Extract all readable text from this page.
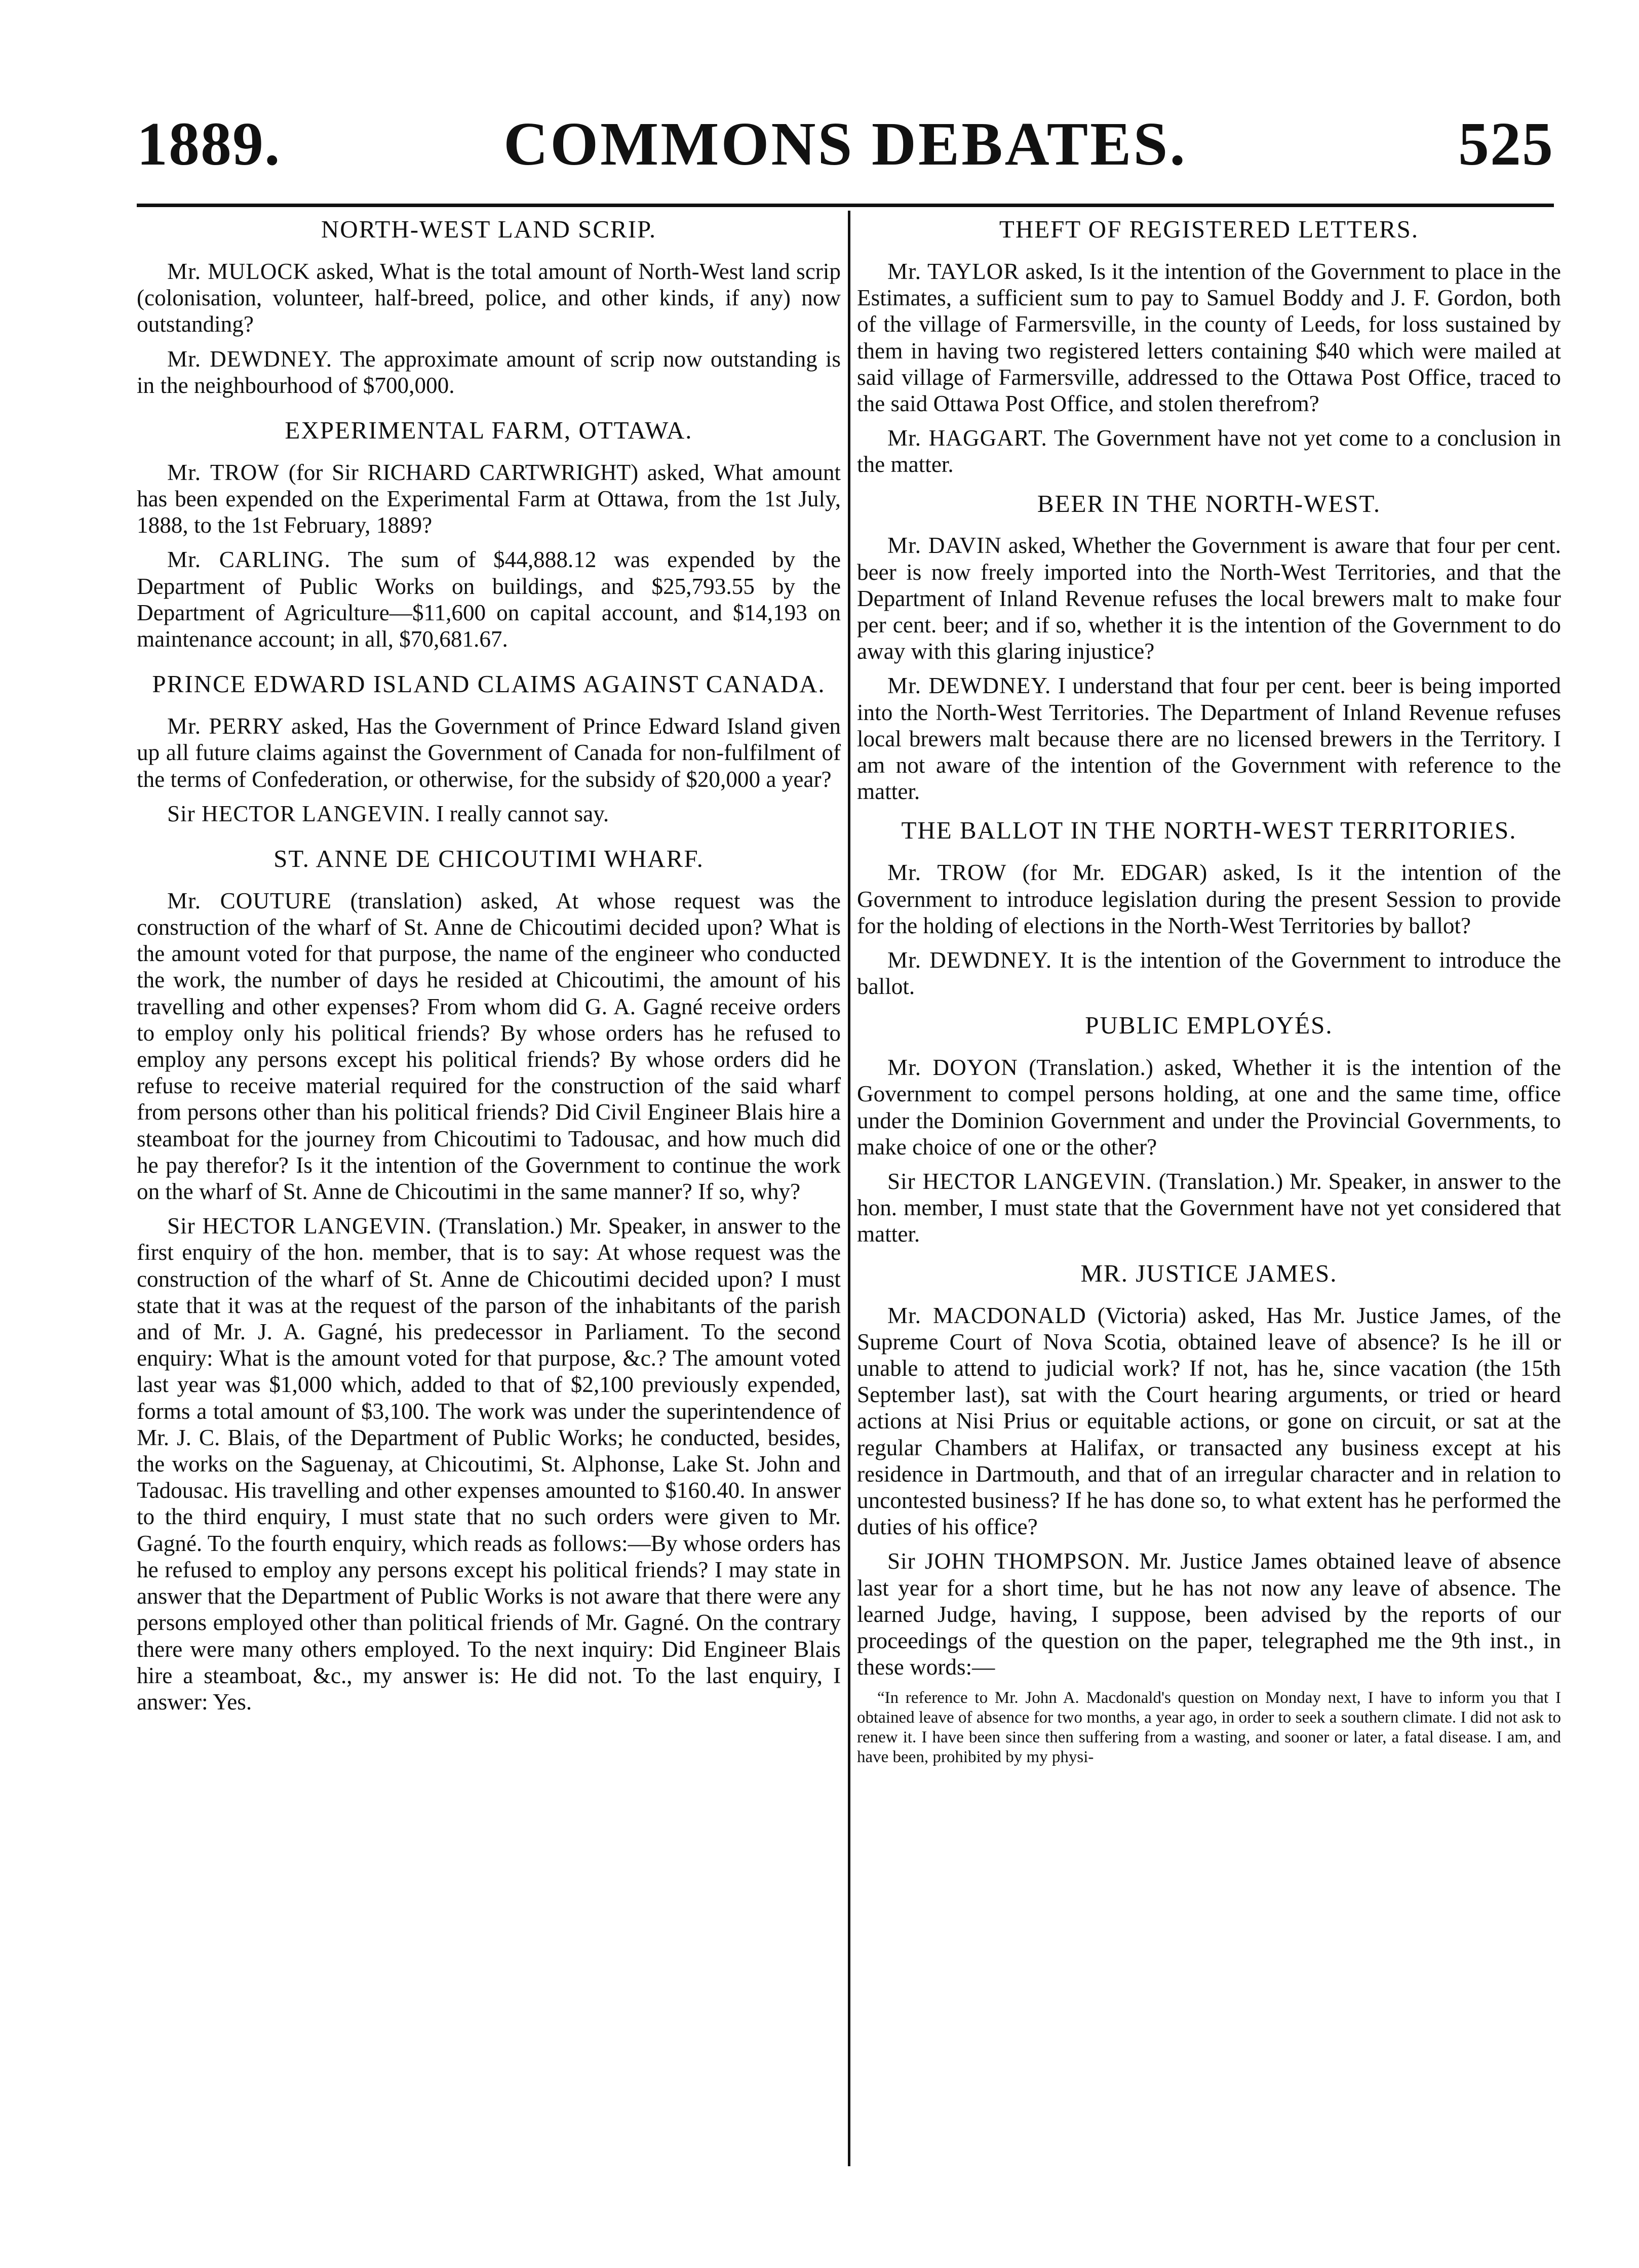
1889.	COMMONS DEBATES.	525
NORTH-WEST LAND SCRIP.

Mr. MULOCK asked, What is the total amount of North-West land scrip (colonisation, volunteer, half-breed, police, and other kinds, if any) now outstanding?

Mr. DEWDNEY. The approximate amount of scrip now outstanding is in the neighbourhood of $700,000.

EXPERIMENTAL FARM, OTTAWA.

Mr. TROW (for Sir RICHARD CARTWRIGHT) asked, What amount has been expended on the Experimental Farm at Ottawa, from the 1st July, 1888, to the 1st February, 1889?

Mr. CARLING. The sum of $44,888.12 was expended by the Department of Public Works on buildings, and $25,793.55 by the Department of Agriculture—$11,600 on capital account, and $14,193 on maintenance account; in all, $70,681.67.

PRINCE EDWARD ISLAND CLAIMS AGAINST CANADA.

Mr. PERRY asked, Has the Government of Prince Edward Island given up all future claims against the Government of Canada for non-fulfilment of the terms of Confederation, or otherwise, for the subsidy of $20,000 a year?

Sir HECTOR LANGEVIN. I really cannot say.

ST. ANNE DE CHICOUTIMI WHARF.

Mr. COUTURE (translation) asked, At whose request was the construction of the wharf of St. Anne de Chicoutimi decided upon? What is the amount voted for that purpose, the name of the engineer who conducted the work, the number of days he resided at Chicoutimi, the amount of his travelling and other expenses? From whom did G. A. Gagné receive orders to employ only his political friends? By whose orders has he refused to employ any persons except his political friends? By whose orders did he refuse to receive material required for the construction of the said wharf from persons other than his political friends? Did Civil Engineer Blais hire a steamboat for the journey from Chicoutimi to Tadousac, and how much did he pay therefor? Is it the intention of the Government to continue the work on the wharf of St. Anne de Chicoutimi in the same manner? If so, why?

Sir HECTOR LANGEVIN. (Translation.) Mr. Speaker, in answer to the first enquiry of the hon. member, that is to say: At whose request was the construction of the wharf of St. Anne de Chicoutimi decided upon? I must state that it was at the request of the parson of the inhabitants of the parish and of Mr. J. A. Gagné, his predecessor in Parliament. To the second enquiry: What is the amount voted for that purpose, &c.? The amount voted last year was $1,000 which, added to that of $2,100 previously expended, forms a total amount of $3,100. The work was under the superintendence of Mr. J. C. Blais, of the Department of Public Works; he conducted, besides, the works on the Saguenay, at Chicoutimi, St. Alphonse, Lake St. John and Tadousac. His travelling and other expenses amounted to $160.40. In answer to the third enquiry, I must state that no such orders were given to Mr. Gagné. To the fourth enquiry, which reads as follows:—By whose orders has he refused to employ any persons except his political friends? I may state in answer that the Department of Public Works is not aware that there were any persons employed other than political friends of Mr. Gagné. On the contrary there were many others employed. To the next inquiry: Did Engineer Blais hire a steamboat, &c., my answer is: He did not. To the last enquiry, I answer: Yes.

THEFT OF REGISTERED LETTERS.

Mr. TAYLOR asked, Is it the intention of the Government to place in the Estimates, a sufficient sum to pay to Samuel Boddy and J. F. Gordon, both of the village of Farmersville, in the county of Leeds, for loss sustained by them in having two registered letters containing $40 which were mailed at said village of Farmersville, addressed to the Ottawa Post Office, traced to the said Ottawa Post Office, and stolen therefrom?

Mr. HAGGART. The Government have not yet come to a conclusion in the matter.

BEER IN THE NORTH-WEST.

Mr. DAVIN asked, Whether the Government is aware that four per cent. beer is now freely imported into the North-West Territories, and that the Department of Inland Revenue refuses the local brewers malt to make four per cent. beer; and if so, whether it is the intention of the Government to do away with this glaring injustice?

Mr. DEWDNEY. I understand that four per cent. beer is being imported into the North-West Territories. The Department of Inland Revenue refuses local brewers malt because there are no licensed brewers in the Territory. I am not aware of the intention of the Government with reference to the matter.

THE BALLOT IN THE NORTH-WEST TERRITORIES.

Mr. TROW (for Mr. EDGAR) asked, Is it the intention of the Government to introduce legislation during the present Session to provide for the holding of elections in the North-West Territories by ballot?

Mr. DEWDNEY. It is the intention of the Government to introduce the ballot.

PUBLIC EMPLOYÉS.

Mr. DOYON (Translation.) asked, Whether it is the intention of the Government to compel persons holding, at one and the same time, office under the Dominion Government and under the Provincial Governments, to make choice of one or the other?

Sir HECTOR LANGEVIN. (Translation.) Mr. Speaker, in answer to the hon. member, I must state that the Government have not yet considered that matter.

MR. JUSTICE JAMES.

Mr. MACDONALD (Victoria) asked, Has Mr. Justice James, of the Supreme Court of Nova Scotia, obtained leave of absence? Is he ill or unable to attend to judicial work? If not, has he, since vacation (the 15th September last), sat with the Court hearing arguments, or tried or heard actions at Nisi Prius or equitable actions, or gone on circuit, or sat at the regular Chambers at Halifax, or transacted any business except at his residence in Dartmouth, and that of an irregular character and in relation to uncontested business? If he has done so, to what extent has he performed the duties of his office?

Sir JOHN THOMPSON. Mr. Justice James obtained leave of absence last year for a short time, but he has not now any leave of absence. The learned Judge, having, I suppose, been advised by the reports of our proceedings of the question on the paper, telegraphed me the 9th inst., in these words:—

“In reference to Mr. John A. Macdonald's question on Monday next, I have to inform you that I obtained leave of absence for two months, a year ago, in order to seek a southern climate. I did not ask to renew it. I have been since then suffering from a wasting, and sooner or later, a fatal disease. I am, and have been, prohibited by my physi-
